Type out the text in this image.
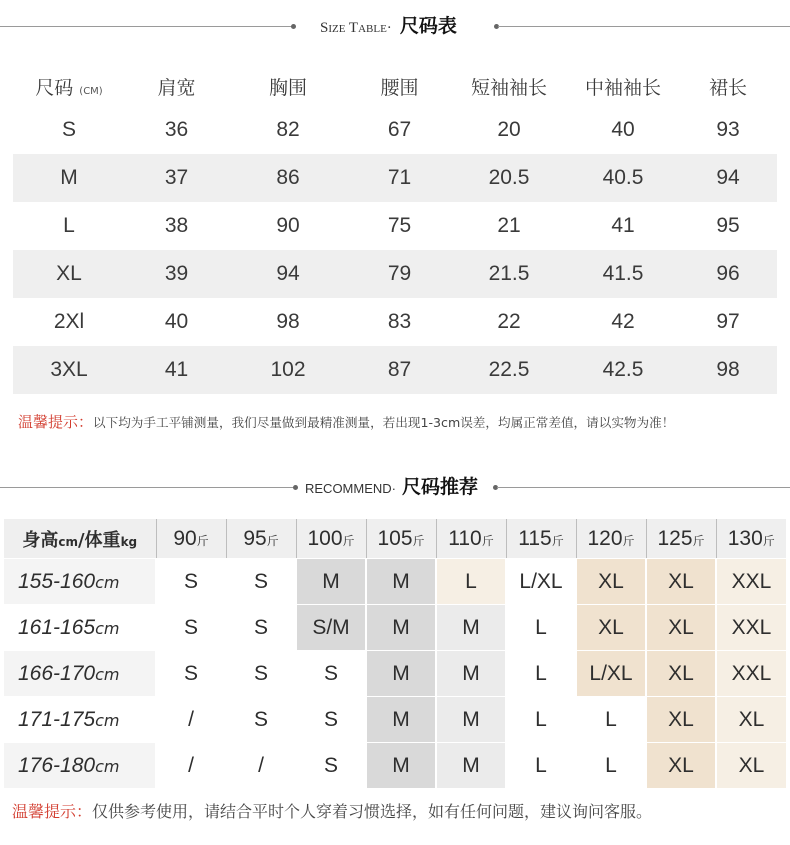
Size Table· 尺码表
尺码 (CM)	肩宽	胸围	腰围	短袖袖长	中袖袖长	裙长
S	36	82	67	20	40	93
M	37	86	71	20.5	40.5	94
L	38	90	75	21	41	95
XL	39	94	79	21.5	41.5	96
2Xl	40	98	83	22	42	97
3XL	41	102	87	22.5	42.5	98
温馨提示：以下均为手工平铺测量，我们尽量做到最精准测量，若出现1-3cm误差，均属正常差值，请以实物为准！
RECOMMEND· 尺码推荐
身高cm/体重kg	90斤	95斤	100斤	105斤	110斤	115斤	120斤	125斤	130斤
155-160cm	S	S	M	M	L	L/XL	XL	XL	XXL
161-165cm	S	S	S/M	M	M	L	XL	XL	XXL
166-170cm	S	S	S	M	M	L	L/XL	XL	XXL
171-175cm	/	S	S	M	M	L	L	XL	XL
176-180cm	/	/	S	M	M	L	L	XL	XL
温馨提示：仅供参考使用，请结合平时个人穿着习惯选择，如有任何问题，建议询问客服。
